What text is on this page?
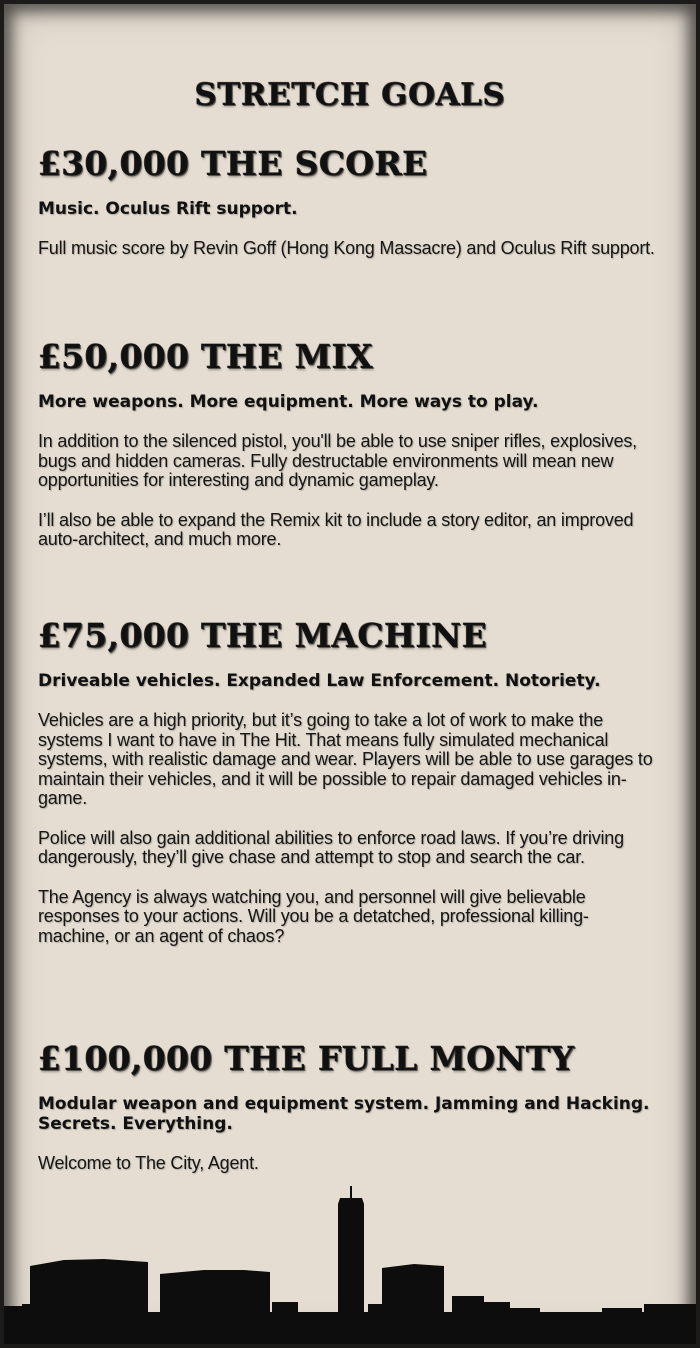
STRETCH GOALS
£30,000 THE SCORE

Music. Oculus Rift support.

Full music score by Revin Goff (Hong Kong Massacre) and Oculus Rift support.

£50,000 THE MIX

More weapons. More equipment. More ways to play.

In addition to the silenced pistol, you'll be able to use sniper rifles, explosives, bugs and hidden cameras. Fully destructable environments will mean new opportunities for interesting and dynamic gameplay.

I’ll also be able to expand the Remix kit to include a story editor, an improved auto-architect, and much more.

£75,000 THE MACHINE

Driveable vehicles. Expanded Law Enforcement. Notoriety.

Vehicles are a high priority, but it’s going to take a lot of work to make the systems I want to have in The Hit. That means fully simulated mechanical systems, with realistic damage and wear. Players will be able to use garages to maintain their vehicles, and it will be possible to repair damaged vehicles in-game.

Police will also gain additional abilities to enforce road laws. If you’re driving dangerously, they’ll give chase and attempt to stop and search the car.

The Agency is always watching you, and personnel will give believable responses to your actions. Will you be a detatched, professional killing-machine, or an agent of chaos?

£100,000 THE FULL MONTY

Modular weapon and equipment system. Jamming and Hacking. Secrets. Everything.

Welcome to The City, Agent.
